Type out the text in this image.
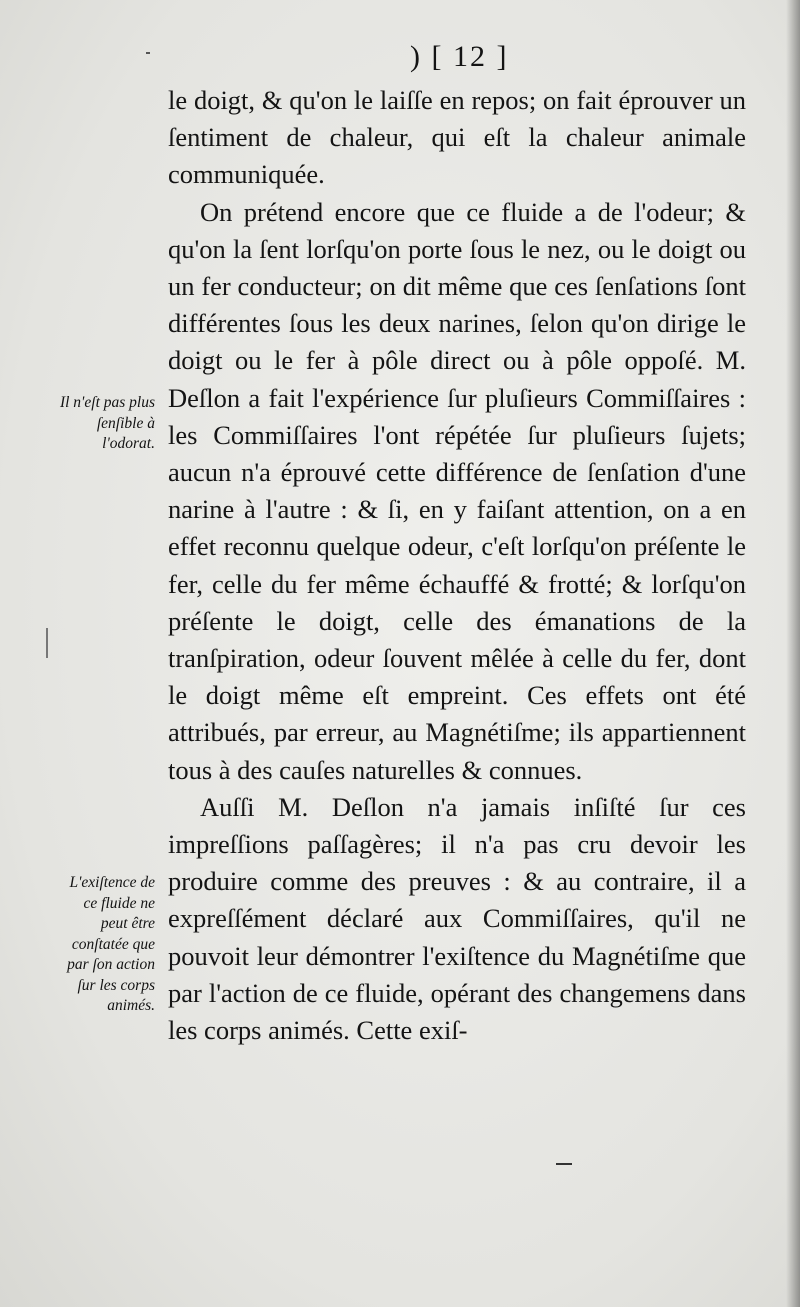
) [ 12 ]
Il n'eſt pas plus ſenſible à l'odorat.
L'exiſtence de ce fluide ne peut être conſtatée que par ſon action ſur les corps animés.

le doigt, & qu'on le laiſſe en repos; on fait éprouver un ſentiment de chaleur, qui eſt la chaleur animale communiquée.

On prétend encore que ce fluide a de l'odeur; & qu'on la ſent lorſqu'on porte ſous le nez, ou le doigt ou un fer conducteur; on dit même que ces ſenſations ſont différentes ſous les deux narines, ſelon qu'on dirige le doigt ou le fer à pôle direct ou à pôle oppoſé. M. Deſlon a fait l'expérience ſur pluſieurs Commiſſaires : les Commiſſaires l'ont répétée ſur pluſieurs ſujets; aucun n'a éprouvé cette différence de ſenſation d'une narine à l'autre : & ſi, en y faiſant attention, on a en effet reconnu quelque odeur, c'eſt lorſqu'on préſente le fer, celle du fer même échauffé & frotté; & lorſqu'on préſente le doigt, celle des émanations de la tranſpiration, odeur ſouvent mêlée à celle du fer, dont le doigt même eſt empreint. Ces effets ont été attribués, par erreur, au Magnétiſme; ils appartiennent tous à des cauſes naturelles & connues.

Auſſi M. Deſlon n'a jamais inſiſté ſur ces impreſſions paſſagères; il n'a pas cru devoir les produire comme des preuves : & au contraire, il a expreſſément déclaré aux Commiſſaires, qu'il ne pouvoit leur démontrer l'exiſtence du Magnétiſme que par l'action de ce fluide, opérant des changemens dans les corps animés. Cette exiſ-
